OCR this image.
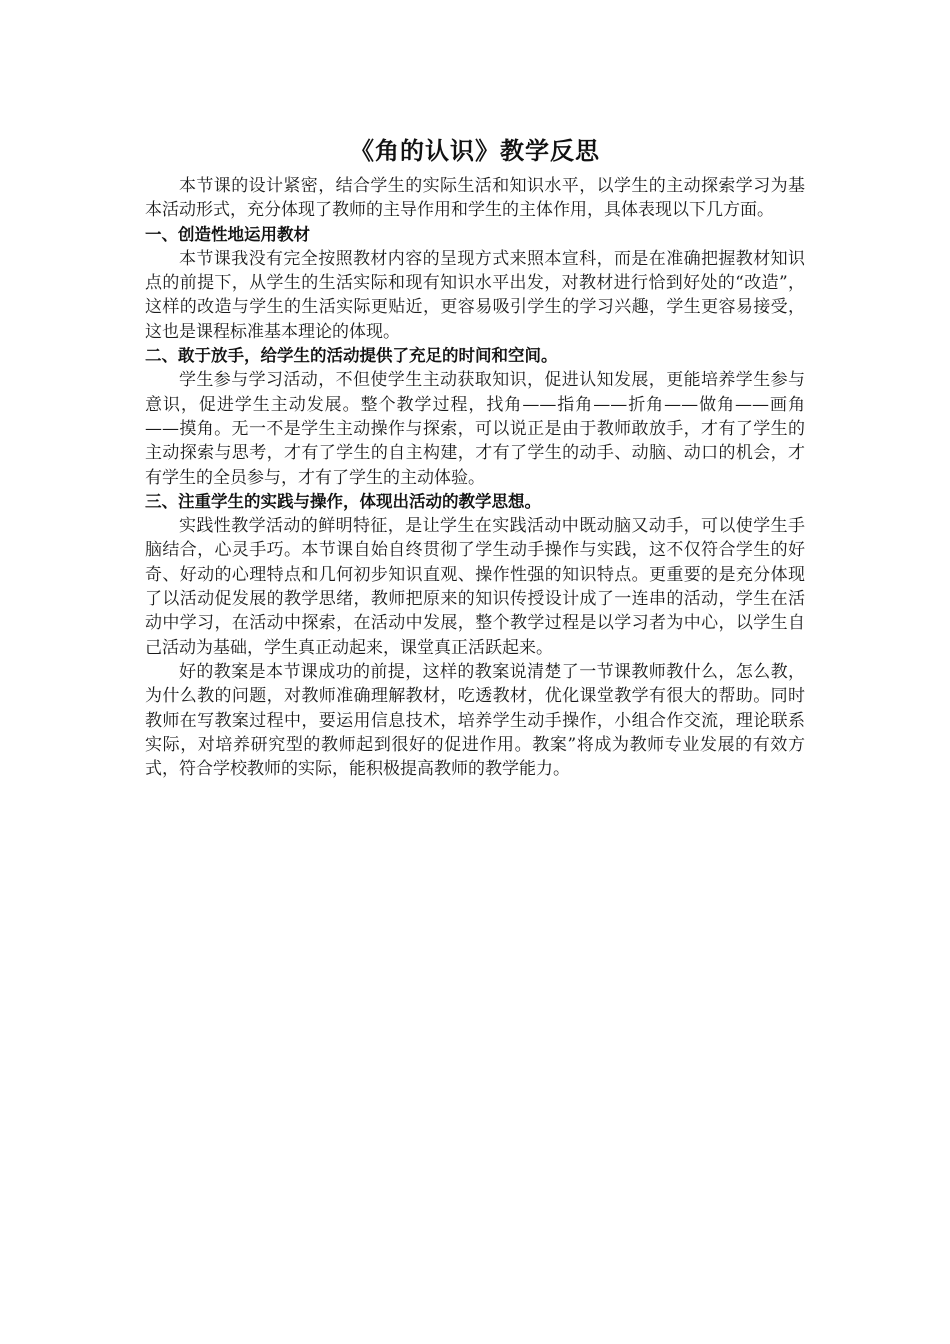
《角的认识》教学反思

本节课的设计紧密，结合学生的实际生活和知识水平，以学生的主动探索学习为基本活动形式，充分体现了教师的主导作用和学生的主体作用，具体表现以下几方面。

一、创造性地运用教材

本节课我没有完全按照教材内容的呈现方式来照本宣科，而是在准确把握教材知识点的前提下，从学生的生活实际和现有知识水平出发，对教材进行恰到好处的“改造”，这样的改造与学生的生活实际更贴近，更容易吸引学生的学习兴趣，学生更容易接受，这也是课程标准基本理论的体现。

二、敢于放手，给学生的活动提供了充足的时间和空间。

学生参与学习活动，不但使学生主动获取知识，促进认知发展，更能培养学生参与意识，促进学生主动发展。整个教学过程，找角——指角——折角——做角——画角——摸角。无一不是学生主动操作与探索，可以说正是由于教师敢放手，才有了学生的主动探索与思考，才有了学生的自主构建，才有了学生的动手、动脑、动口的机会，才有学生的全员参与，才有了学生的主动体验。

三、注重学生的实践与操作，体现出活动的教学思想。

实践性教学活动的鲜明特征，是让学生在实践活动中既动脑又动手，可以使学生手脑结合，心灵手巧。本节课自始自终贯彻了学生动手操作与实践，这不仅符合学生的好奇、好动的心理特点和几何初步知识直观、操作性强的知识特点。更重要的是充分体现了以活动促发展的教学思绪，教师把原来的知识传授设计成了一连串的活动，学生在活动中学习，在活动中探索，在活动中发展，整个教学过程是以学习者为中心，以学生自己活动为基础，学生真正动起来，课堂真正活跃起来。

好的教案是本节课成功的前提，这样的教案说清楚了一节课教师教什么，怎么教，为什么教的问题，对教师准确理解教材，吃透教材，优化课堂教学有很大的帮助。同时教师在写教案过程中，要运用信息技术，培养学生动手操作，小组合作交流，理论联系实际，对培养研究型的教师起到很好的促进作用。教案”将成为教师专业发展的有效方式，符合学校教师的实际，能积极提高教师的教学能力。
